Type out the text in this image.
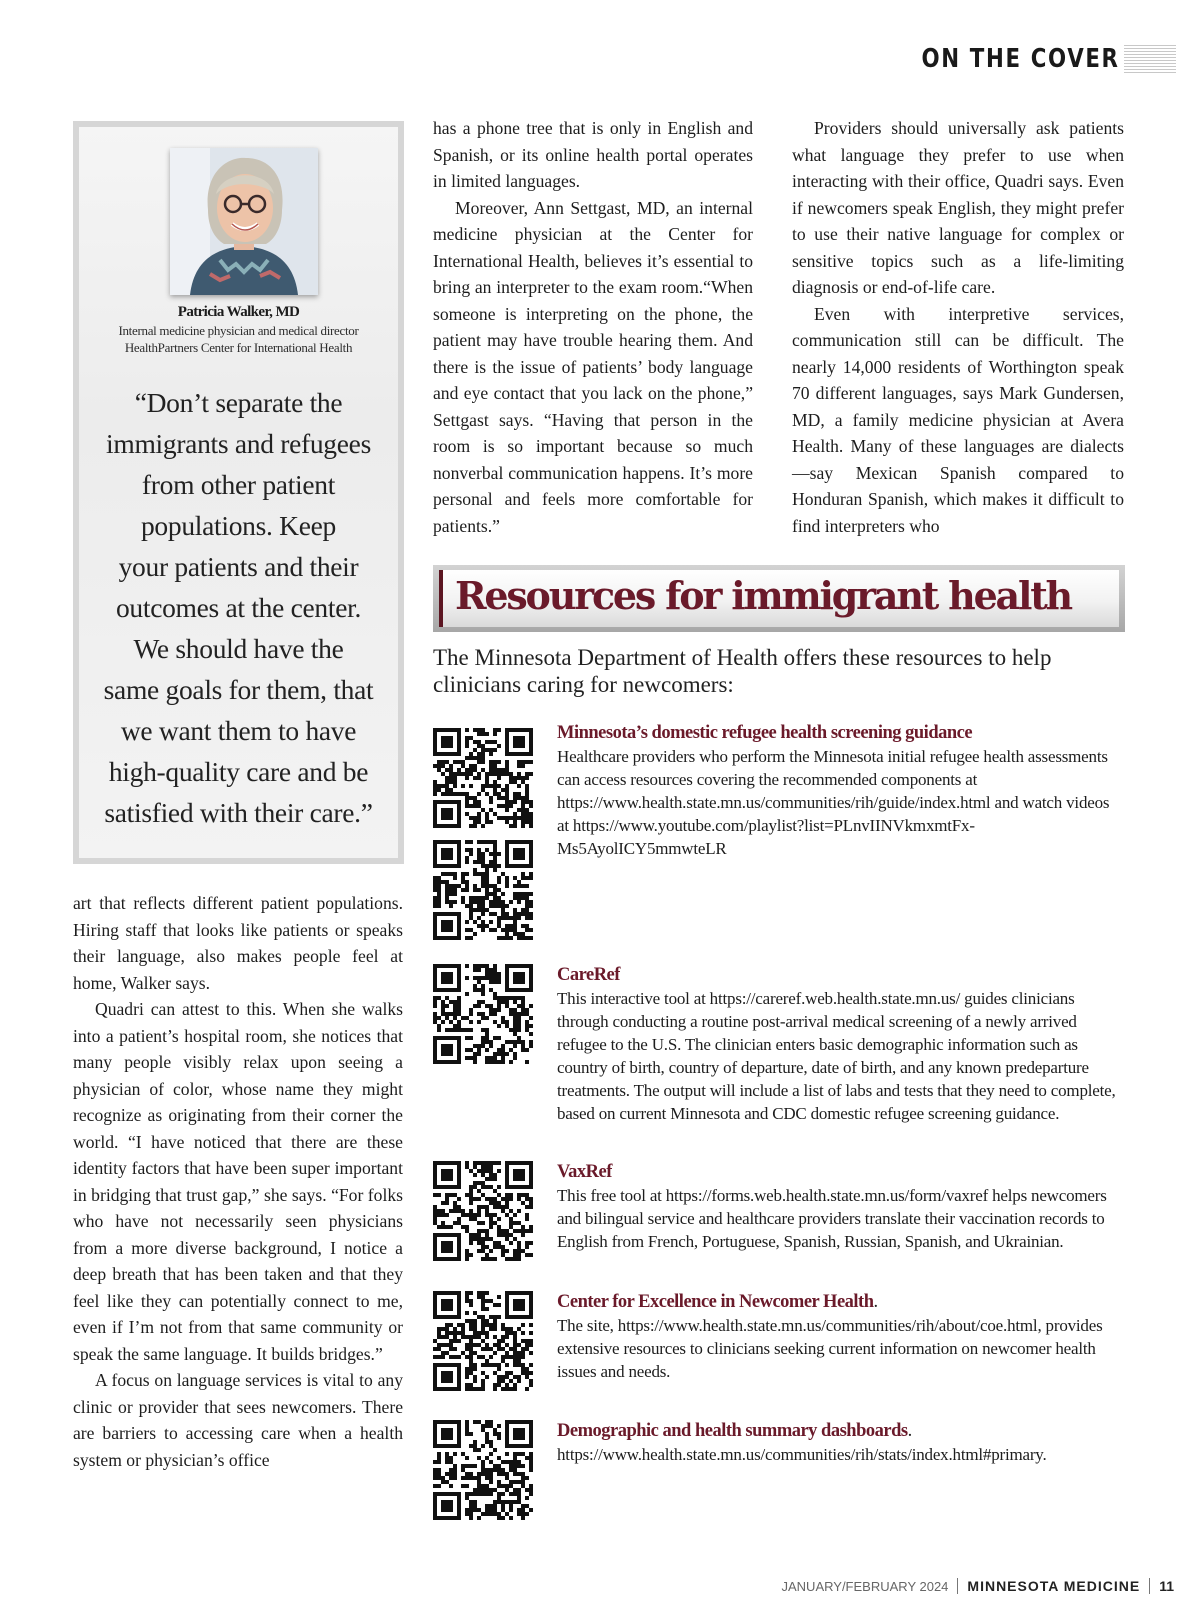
ON THE COVER
Patricia Walker, MD
Internal medicine physician and medical director
HealthPartners Center for International Health
“Don’t separate the
immigrants and refugees
from other patient
populations. Keep
your patients and their
outcomes at the center.
We should have the
same goals for them, that
we want them to have
high-quality care and be
satisfied with their care.”

art that reflects different patient populations. Hiring staff that looks like patients or speaks their language, also makes people feel at home, Walker says.

Quadri can attest to this. When she walks into a patient’s hospital room, she notices that many people visibly relax upon seeing a physician of color, whose name they might recognize as originating from their corner the world. “I have noticed that there are these identity factors that have been super important in bridging that trust gap,” she says. “For folks who have not necessarily seen physicians from a more diverse background, I notice a deep breath that has been taken and that they feel like they can potentially connect to me, even if I’m not from that same community or speak the same language. It builds bridges.”

A focus on language services is vital to any clinic or provider that sees newcomers. There are barriers to accessing care when a health system or physician’s office

has a phone tree that is only in English and Spanish, or its online health portal operates in limited languages.

Moreover, Ann Settgast, MD, an internal medicine physician at the Center for International Health, believes it’s essential to bring an interpreter to the exam room.“When someone is interpreting on the phone, the patient may have trouble hearing them. And there is the issue of patients’ body language and eye contact that you lack on the phone,” Settgast says. “Having that person in the room is so important because so much nonverbal communication happens. It’s more personal and feels more comfortable for patients.”

Providers should universally ask patients what language they prefer to use when interacting with their office, Quadri says. Even if newcomers speak English, they might prefer to use their native language for complex or sensitive topics such as a life-limiting diagnosis or end-of-life care.

Even with interpretive services, communication still can be difficult. The nearly 14,000 residents of Worthington speak 70 different languages, says Mark Gundersen, MD, a family medicine physician at Avera Health. Many of these languages are dialects—say Mexican Spanish compared to Honduran Spanish, which makes it difficult to find interpreters who

Resources for immigrant health
The Minnesota Department of Health offers these resources to help clinicians caring for newcomers:
Minnesota’s domestic refugee health screening guidance
Healthcare providers who perform the Minnesota initial refugee health assessments can access resources covering the recommended components at https://www.health.state.mn.us/communities/rih/guide/index.html and watch videos at https://www.youtube.com/playlist?list=PLnvIINVkmxmtFx-Ms5AyolICY5mmwteLR
CareRef
This interactive tool at https://careref.web.health.state.mn.us/ guides clinicians through conducting a routine post-arrival medical screening of a newly arrived refugee to the U.S. The clinician enters basic demographic information such as country of birth, country of departure, date of birth, and any known predeparture treatments. The output will include a list of labs and tests that they need to complete, based on current Minnesota and CDC domestic refugee screening guidance.
VaxRef
This free tool at https://forms.web.health.state.mn.us/form/vaxref helps newcomers and bilingual service and healthcare providers translate their vaccination records to English from French, Portuguese, Spanish, Russian, Spanish, and Ukrainian.
Center for Excellence in Newcomer Health.
The site, https://www.health.state.mn.us/communities/rih/about/coe.html, provides extensive resources to clinicians seeking current information on newcomer health issues and needs.
Demographic and health summary dashboards.
https://www.health.state.mn.us/communities/rih/stats/index.html#primary.
JANUARY/FEBRUARY 2024 MINNESOTA MEDICINE 11
